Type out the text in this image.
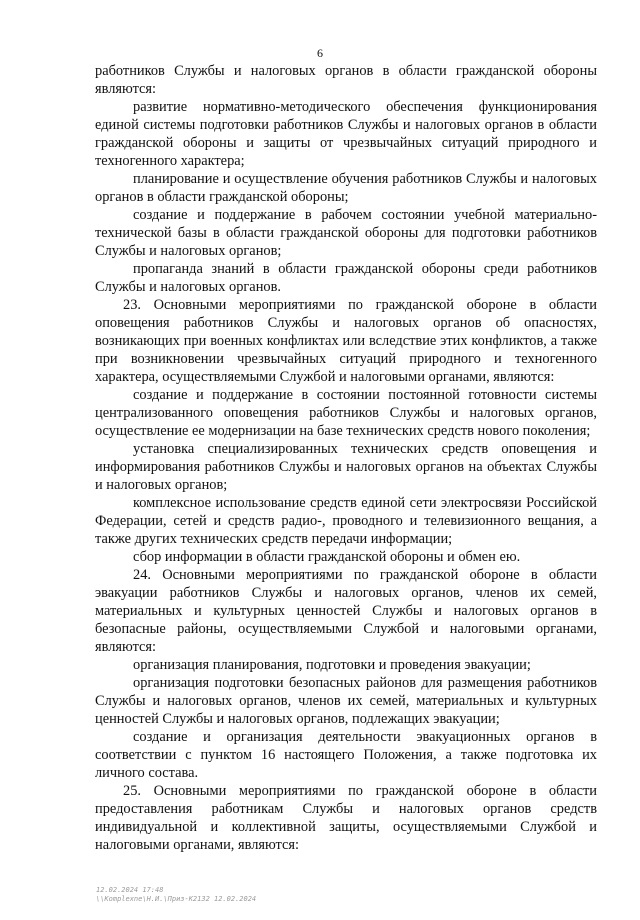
6

работников Службы и налоговых органов в области гражданской обороны являются:

развитие нормативно-методического обеспечения функционирования единой системы подготовки работников Службы и налоговых органов в области гражданской обороны и защиты от чрезвычайных ситуаций природного и техногенного характера;

планирование и осуществление обучения работников Службы и налоговых органов в области гражданской обороны;

создание и поддержание в рабочем состоянии учебной материально-технической базы в области гражданской обороны для подготовки работников Службы и налоговых органов;

пропаганда знаний в области гражданской обороны среди работников Службы и налоговых органов.

23. Основными мероприятиями по гражданской обороне в области оповещения работников Службы и налоговых органов об опасностях, возникающих при военных конфликтах или вследствие этих конфликтов, а также при возникновении чрезвычайных ситуаций природного и техногенного характера, осуществляемыми Службой и налоговыми органами, являются:

создание и поддержание в состоянии постоянной готовности системы централизованного оповещения работников Службы и налоговых органов, осуществление ее модернизации на базе технических средств нового поколения;

установка специализированных технических средств оповещения и информирования работников Службы и налоговых органов на объектах Службы и налоговых органов;

комплексное использование средств единой сети электросвязи Российской Федерации, сетей и средств радио-, проводного и телевизионного вещания, а также других технических средств передачи информации;

сбор информации в области гражданской обороны и обмен ею.

24. Основными мероприятиями по гражданской обороне в области эвакуации работников Службы и налоговых органов, членов их семей, материальных и культурных ценностей Службы и налоговых органов в безопасные районы, осуществляемыми Службой и налоговыми органами, являются:

организация планирования, подготовки и проведения эвакуации;

организация подготовки безопасных районов для размещения работников Службы и налоговых органов, членов их семей, материальных и культурных ценностей Службы и налоговых органов, подлежащих эвакуации;

создание и организация деятельности эвакуационных органов в соответствии с пунктом 16 настоящего Положения, а также подготовка их личного состава.

25. Основными мероприятиями по гражданской обороне в области предоставления работникам Службы и налоговых органов средств индивидуальной и коллективной защиты, осуществляемыми Службой и налоговыми органами, являются:

12.02.2024 17:48
\\Komplexne\Н.И.\Приз-К2132 12.02.2024
